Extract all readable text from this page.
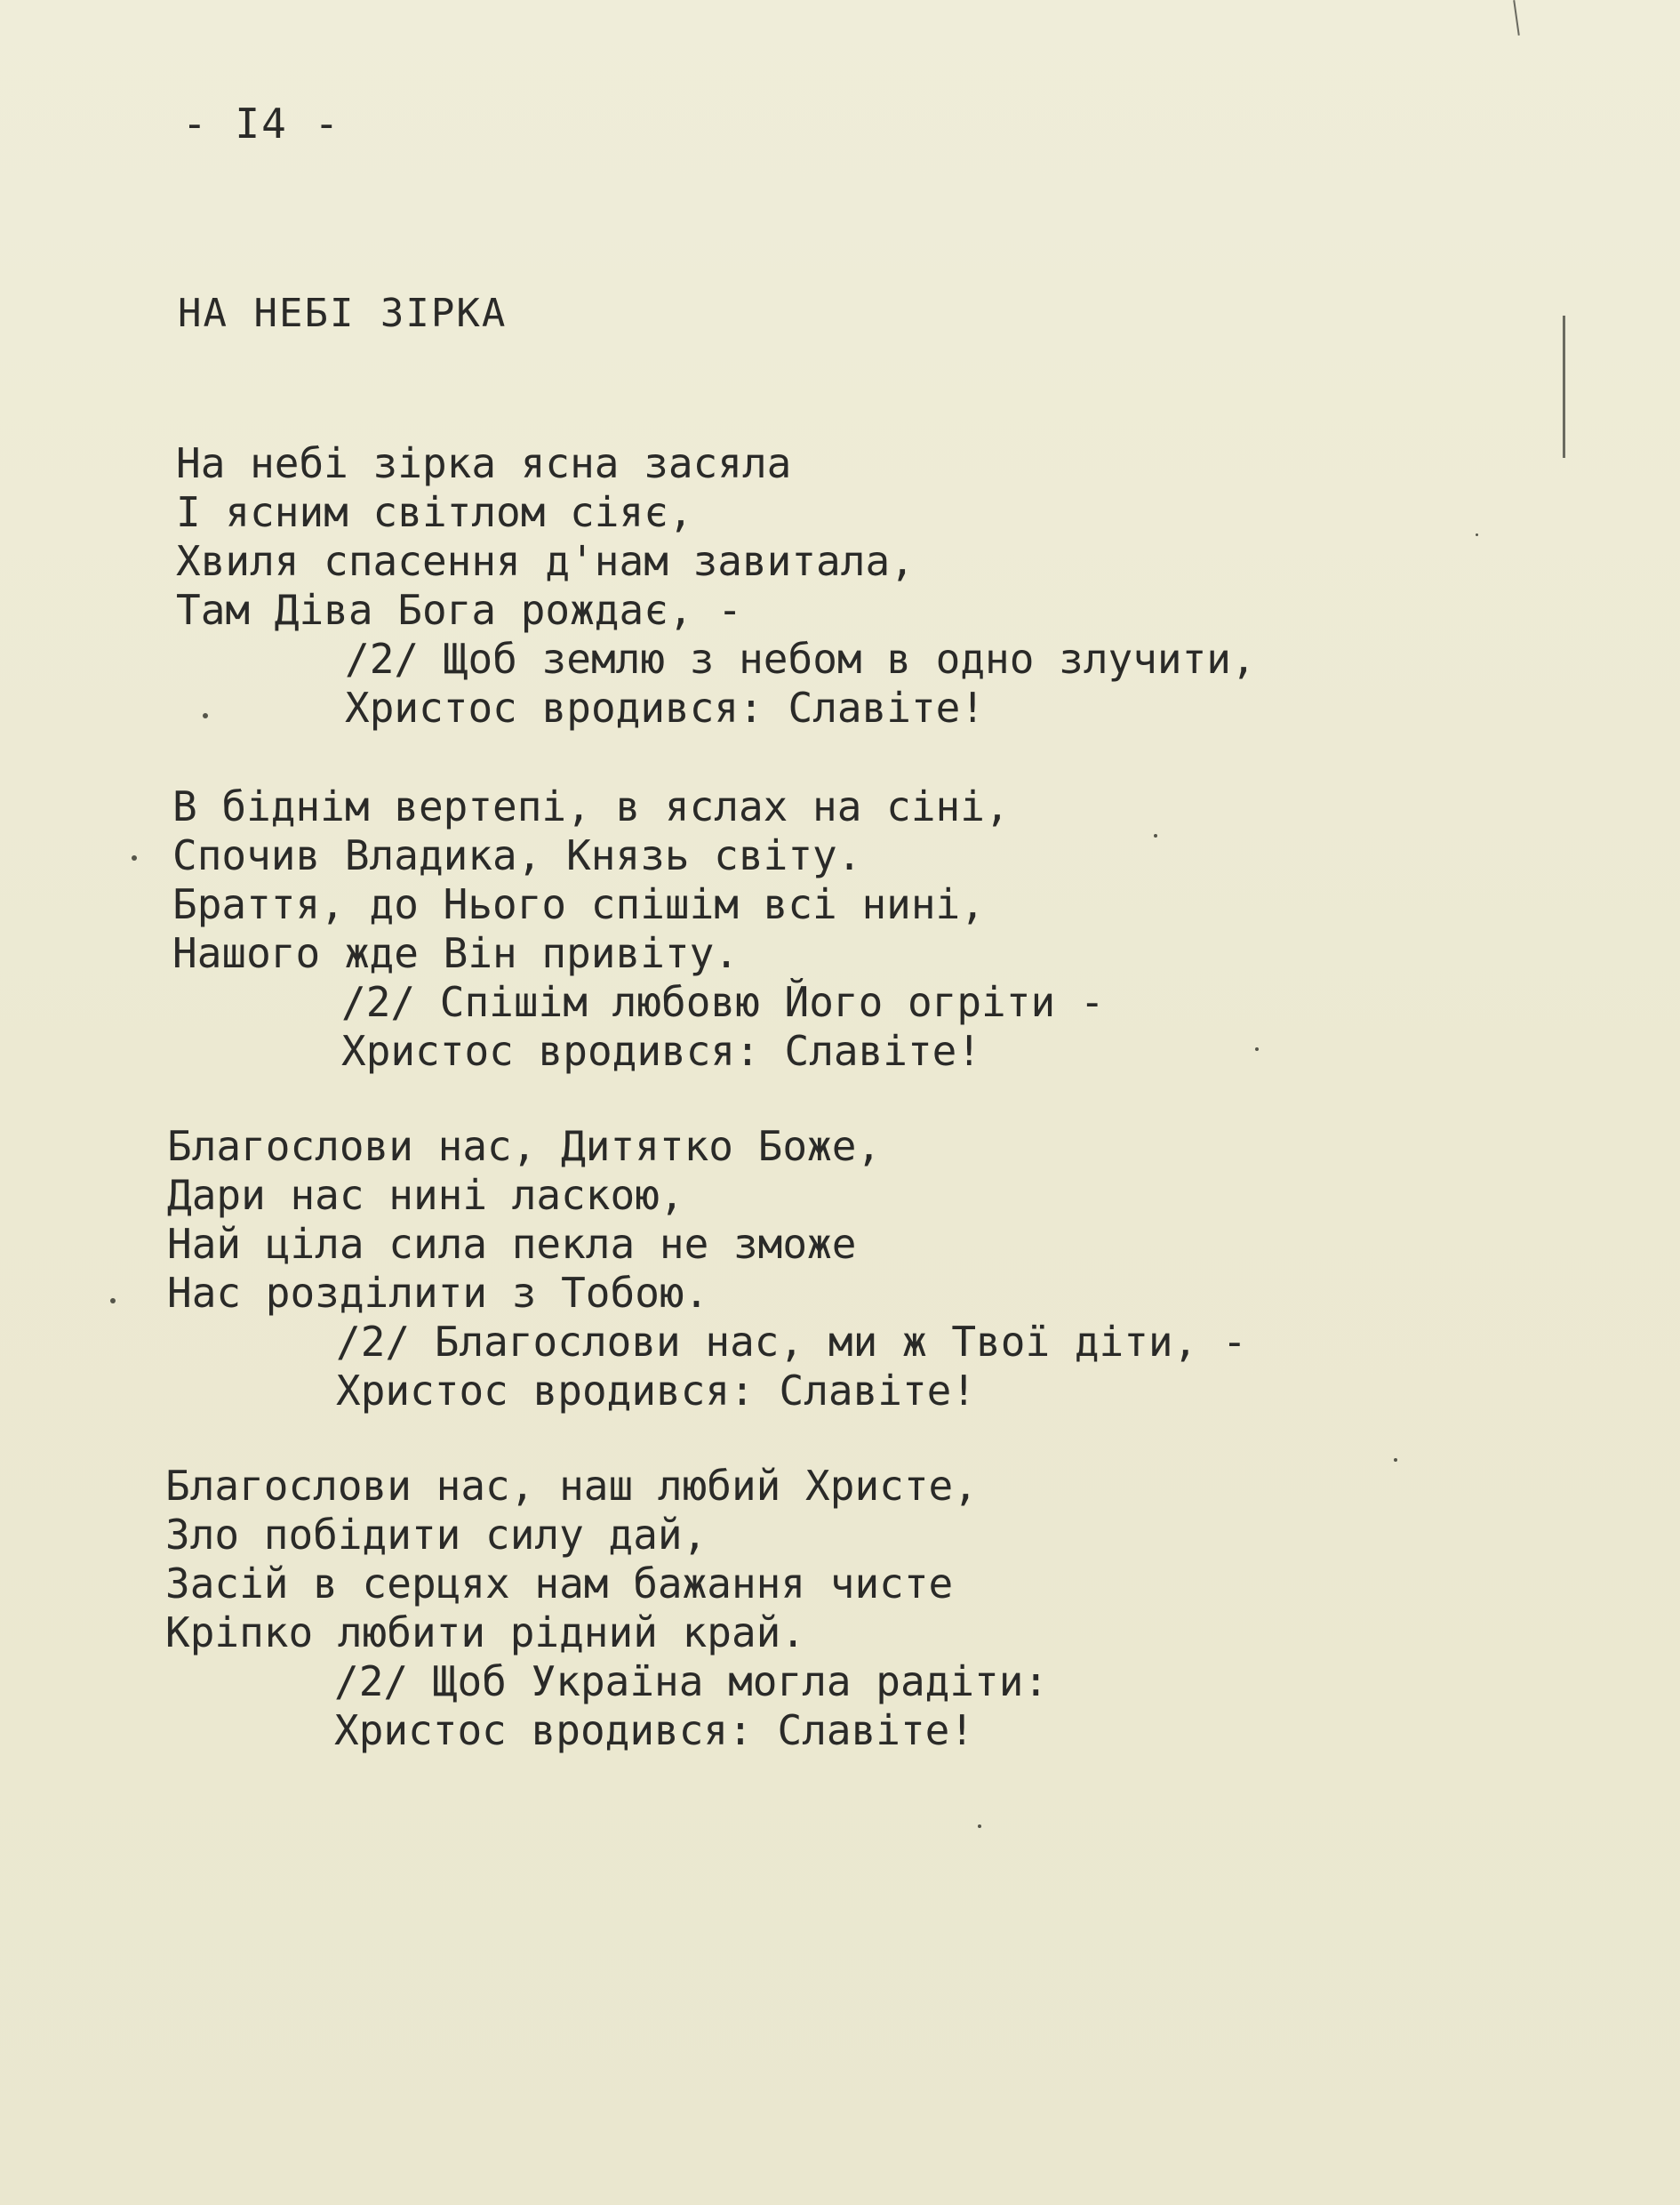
- I4 -
НА НЕБІ ЗІРКА
На небі зірка ясна засяла
І ясним світлом сіяє,
Хвиля спасення д'нам завитала,
Там Діва Бога рождає, -
/2/ Щоб землю з небом в одно злучити,
Христос вродився: Славіте!
В біднім вертепі, в яслах на сіні,
Спочив Владика, Князь світу.
Браття, до Нього спішім всі нині,
Нашого жде Він привіту.
/2/ Спішім любовю Його огріти -
Христос вродився: Славіте!
Благослови нас, Дитятко Боже,
Дари нас нині ласкою,
Най ціла сила пекла не зможе
Нас розділити з Тобою.
/2/ Благослови нас, ми ж Твої діти, -
Христос вродився: Славіте!
Благослови нас, наш любий Христе,
Зло побідити силу дай,
Засій в серцях нам бажання чисте
Кріпко любити рідний край.
/2/ Щоб Україна могла радіти:
Христос вродився: Славіте!
